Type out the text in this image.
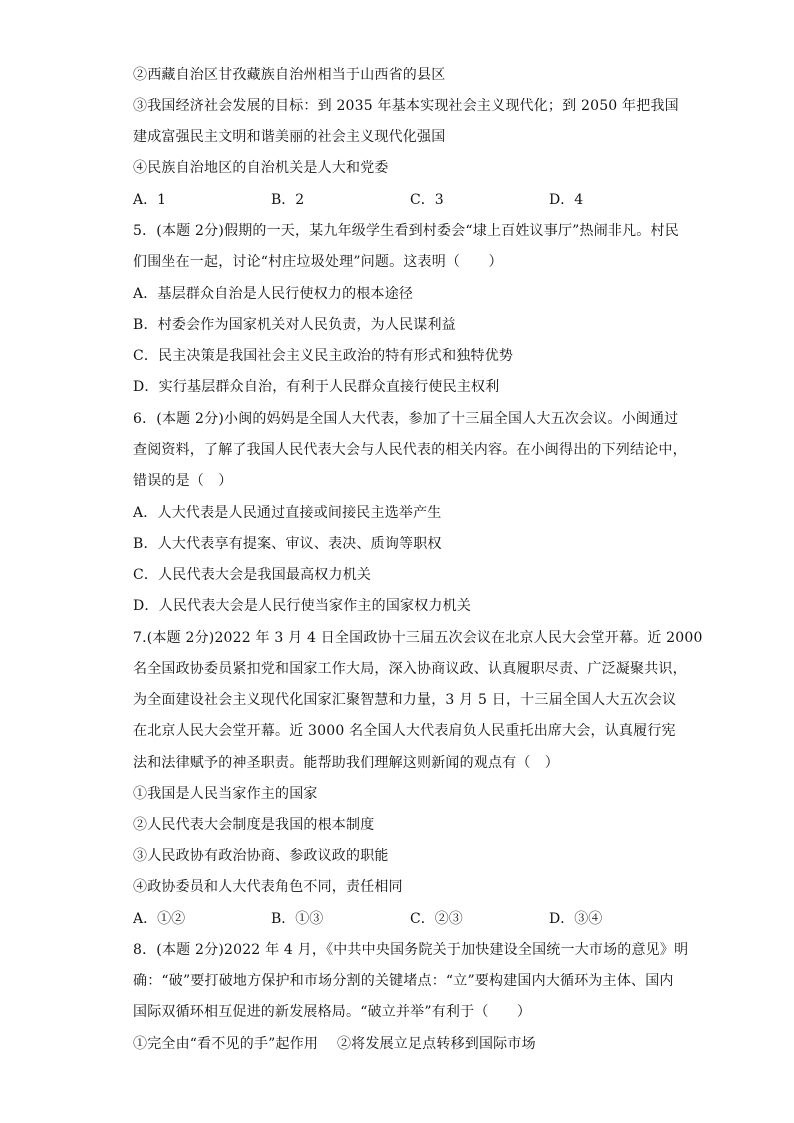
②西藏自治区甘孜藏族自治州相当于山西省的县区
③我国经济社会发展的目标：到 2035 年基本实现社会主义现代化；到 2050 年把我国
建成富强民主文明和谐美丽的社会主义现代化强国
④民族自治地区的自治机关是人大和党委
A．1	B．2	C．3	D．4
5．(本题 2分)假期的一天，某九年级学生看到村委会“埭上百姓议事厅”热闹非凡。村民
们围坐在一起，讨论“村庄垃圾处理”问题。这表明（　　）
A．基层群众自治是人民行使权力的根本途径
B．村委会作为国家机关对人民负责，为人民谋利益
C．民主决策是我国社会主义民主政治的特有形式和独特优势
D．实行基层群众自治，有利于人民群众直接行使民主权利
6．(本题 2分)小闽的妈妈是全国人大代表，参加了十三届全国人大五次会议。小闽通过
查阅资料，了解了我国人民代表大会与人民代表的相关内容。在小闽得出的下列结论中，
错误的是（　）
A．人大代表是人民通过直接或间接民主选举产生
B．人大代表享有提案、审议、表决、质询等职权
C．人民代表大会是我国最高权力机关
D．人民代表大会是人民行使当家作主的国家权力机关
7.(本题 2分)2022 年 3 月 4 日全国政协十三届五次会议在北京人民大会堂开幕。近 2000
名全国政协委员紧扣党和国家工作大局，深入协商议政、认真履职尽责、广泛凝聚共识，
为全面建设社会主义现代化国家汇聚智慧和力量，3 月 5 日，十三届全国人大五次会议
在北京人民大会堂开幕。近 3000 名全国人大代表肩负人民重托出席大会，认真履行宪
法和法律赋予的神圣职责。能帮助我们理解这则新闻的观点有（　）
①我国是人民当家作主的国家
②人民代表大会制度是我国的根本制度
③人民政协有政治协商、参政议政的职能
④政协委员和人大代表角色不同，责任相同
A．①②	B．①③	C．②③	D．③④
8．(本题 2分)2022 年 4 月，《中共中央国务院关于加快建设全国统一大市场的意见》明
确：“破”要打破地方保护和市场分割的关键堵点：“立”要构建国内大循环为主体、国内
国际双循环相互促进的新发展格局。“破立并举”有利于（　　）
①完全由“看不见的手”起作用　 ②将发展立足点转移到国际市场
